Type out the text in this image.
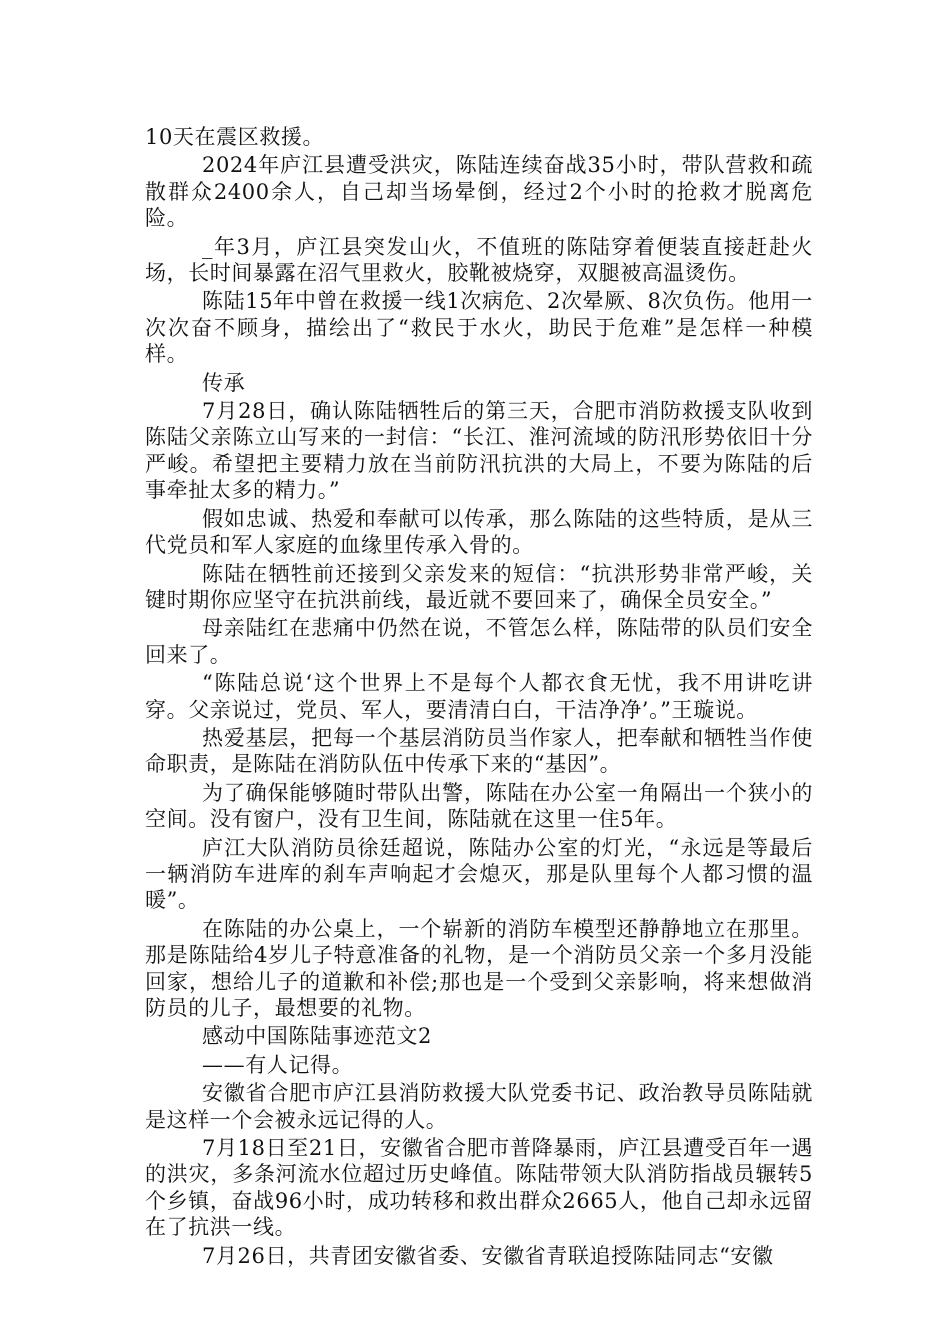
10天在震区救援。

2024年庐江县遭受洪灾，陈陆连续奋战35小时，带队营救和疏散群众2400余人，自己却当场晕倒，经过2个小时的抢救才脱离危险。

_年3月，庐江县突发山火，不值班的陈陆穿着便装直接赶赴火场，长时间暴露在沼气里救火，胶靴被烧穿，双腿被高温烫伤。

陈陆15年中曾在救援一线1次病危、2次晕厥、8次负伤。他用一次次奋不顾身，描绘出了“救民于水火，助民于危难”是怎样一种模样。

传承

7月28日，确认陈陆牺牲后的第三天，合肥市消防救援支队收到陈陆父亲陈立山写来的一封信：“长江、淮河流域的防汛形势依旧十分严峻。希望把主要精力放在当前防汛抗洪的大局上，不要为陈陆的后事牵扯太多的精力。”

假如忠诚、热爱和奉献可以传承，那么陈陆的这些特质，是从三代党员和军人家庭的血缘里传承入骨的。

陈陆在牺牲前还接到父亲发来的短信：“抗洪形势非常严峻，关键时期你应坚守在抗洪前线，最近就不要回来了，确保全员安全。”

母亲陆红在悲痛中仍然在说，不管怎么样，陈陆带的队员们安全回来了。

“陈陆总说‘这个世界上不是每个人都衣食无忧，我不用讲吃讲穿。父亲说过，党员、军人，要清清白白，干洁净净’。”王璇说。

热爱基层，把每一个基层消防员当作家人，把奉献和牺牲当作使命职责，是陈陆在消防队伍中传承下来的“基因”。

为了确保能够随时带队出警，陈陆在办公室一角隔出一个狭小的空间。没有窗户，没有卫生间，陈陆就在这里一住5年。

庐江大队消防员徐廷超说，陈陆办公室的灯光，“永远是等最后一辆消防车进库的刹车声响起才会熄灭，那是队里每个人都习惯的温暖”。

在陈陆的办公桌上，一个崭新的消防车模型还静静地立在那里。那是陈陆给4岁儿子特意准备的礼物，是一个消防员父亲一个多月没能回家，想给儿子的道歉和补偿;那也是一个受到父亲影响，将来想做消防员的儿子，最想要的礼物。

感动中国陈陆事迹范文2

——有人记得。

安徽省合肥市庐江县消防救援大队党委书记、政治教导员陈陆就是这样一个会被永远记得的人。

7月18日至21日，安徽省合肥市普降暴雨，庐江县遭受百年一遇的洪灾，多条河流水位超过历史峰值。陈陆带领大队消防指战员辗转5个乡镇，奋战96小时，成功转移和救出群众2665人，他自己却永远留在了抗洪一线。

7月26日，共青团安徽省委、安徽省青联追授陈陆同志“安徽
